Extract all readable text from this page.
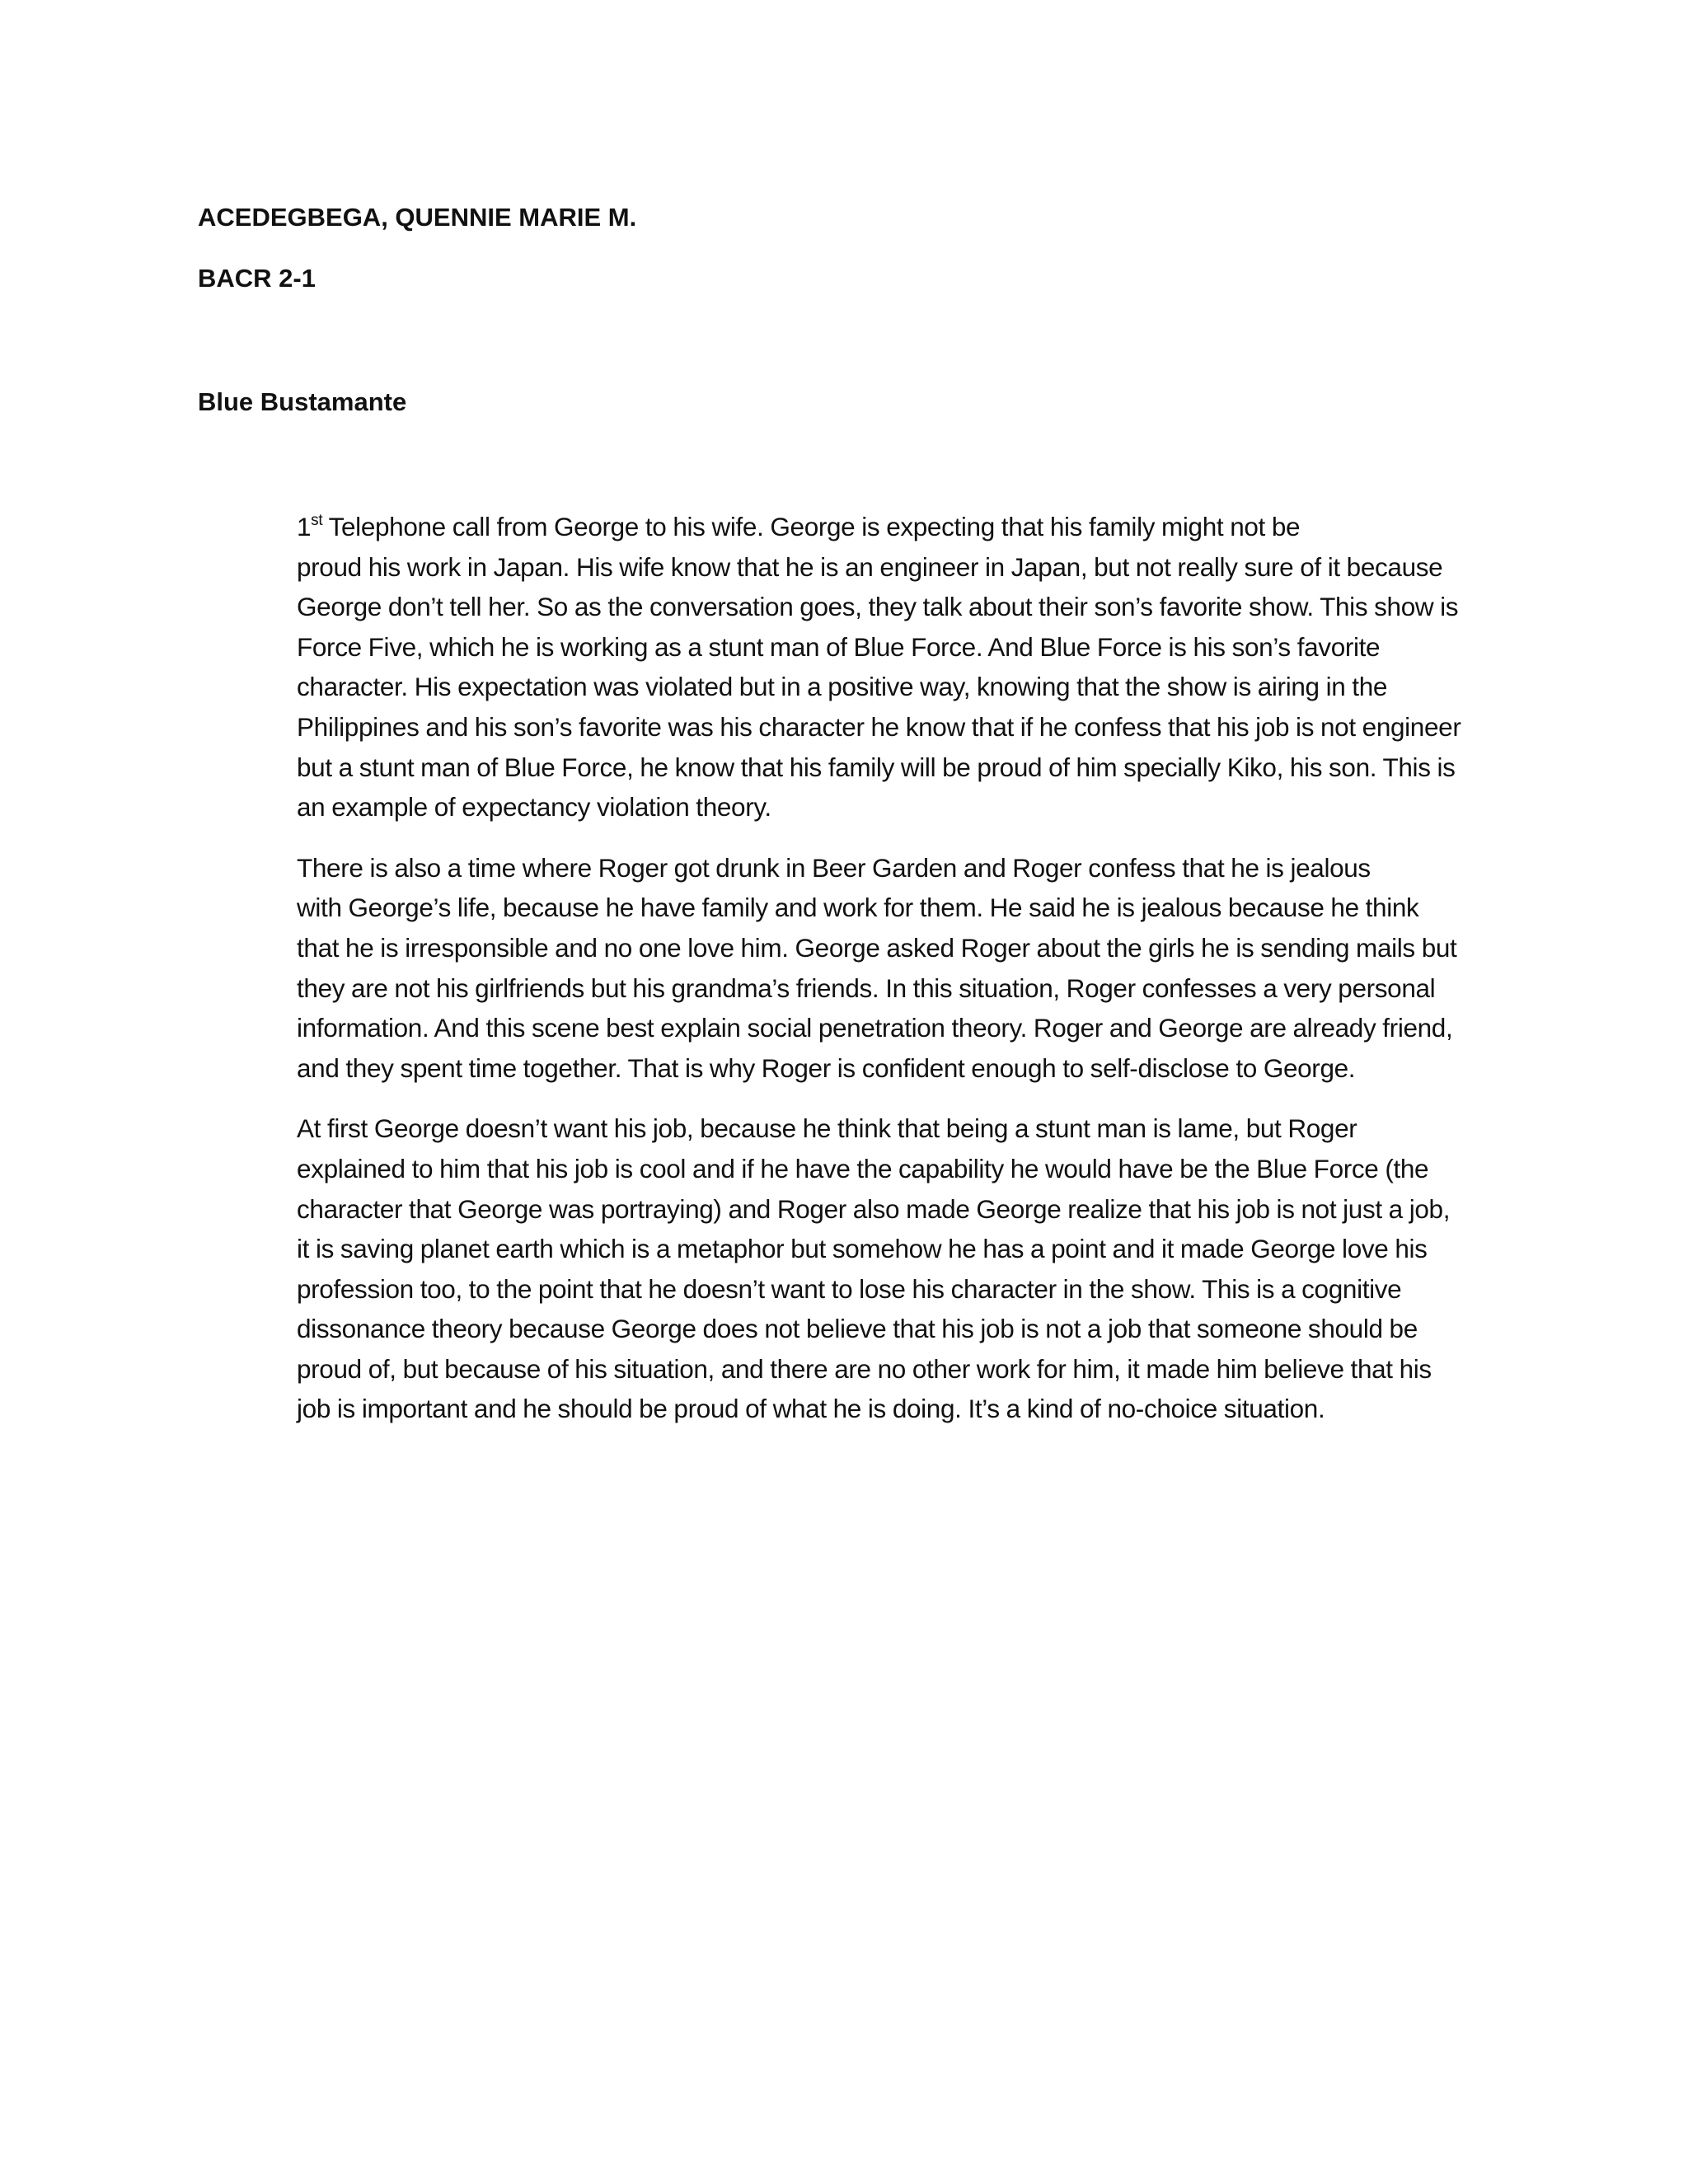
ACEDEGBEGA, QUENNIE MARIE M.
BACR 2-1
Blue Bustamante

1st Telephone call from George to his wife. George is expecting that his family might not be
proud his work in Japan. His wife know that he is an engineer in Japan, but not really sure of it because
George don’t tell her. So as the conversation goes, they talk about their son’s favorite show. This show is
Force Five, which he is working as a stunt man of Blue Force. And Blue Force is his son’s favorite
character. His expectation was violated but in a positive way, knowing that the show is airing in the
Philippines and his son’s favorite was his character he know that if he confess that his job is not engineer
but a stunt man of Blue Force, he know that his family will be proud of him specially Kiko, his son. This is
an example of expectancy violation theory.

There is also a time where Roger got drunk in Beer Garden and Roger confess that he is jealous
with George’s life, because he have family and work for them. He said he is jealous because he think
that he is irresponsible and no one love him. George asked Roger about the girls he is sending mails but
they are not his girlfriends but his grandma’s friends. In this situation, Roger confesses a very personal
information. And this scene best explain social penetration theory. Roger and George are already friend,
and they spent time together. That is why Roger is confident enough to self-disclose to George.

At first George doesn’t want his job, because he think that being a stunt man is lame, but Roger
explained to him that his job is cool and if he have the capability he would have be the Blue Force (the
character that George was portraying) and Roger also made George realize that his job is not just a job,
it is saving planet earth which is a metaphor but somehow he has a point and it made George love his
profession too, to the point that he doesn’t want to lose his character in the show. This is a cognitive
dissonance theory because George does not believe that his job is not a job that someone should be
proud of, but because of his situation, and there are no other work for him, it made him believe that his
job is important and he should be proud of what he is doing. It’s a kind of no-choice situation.
